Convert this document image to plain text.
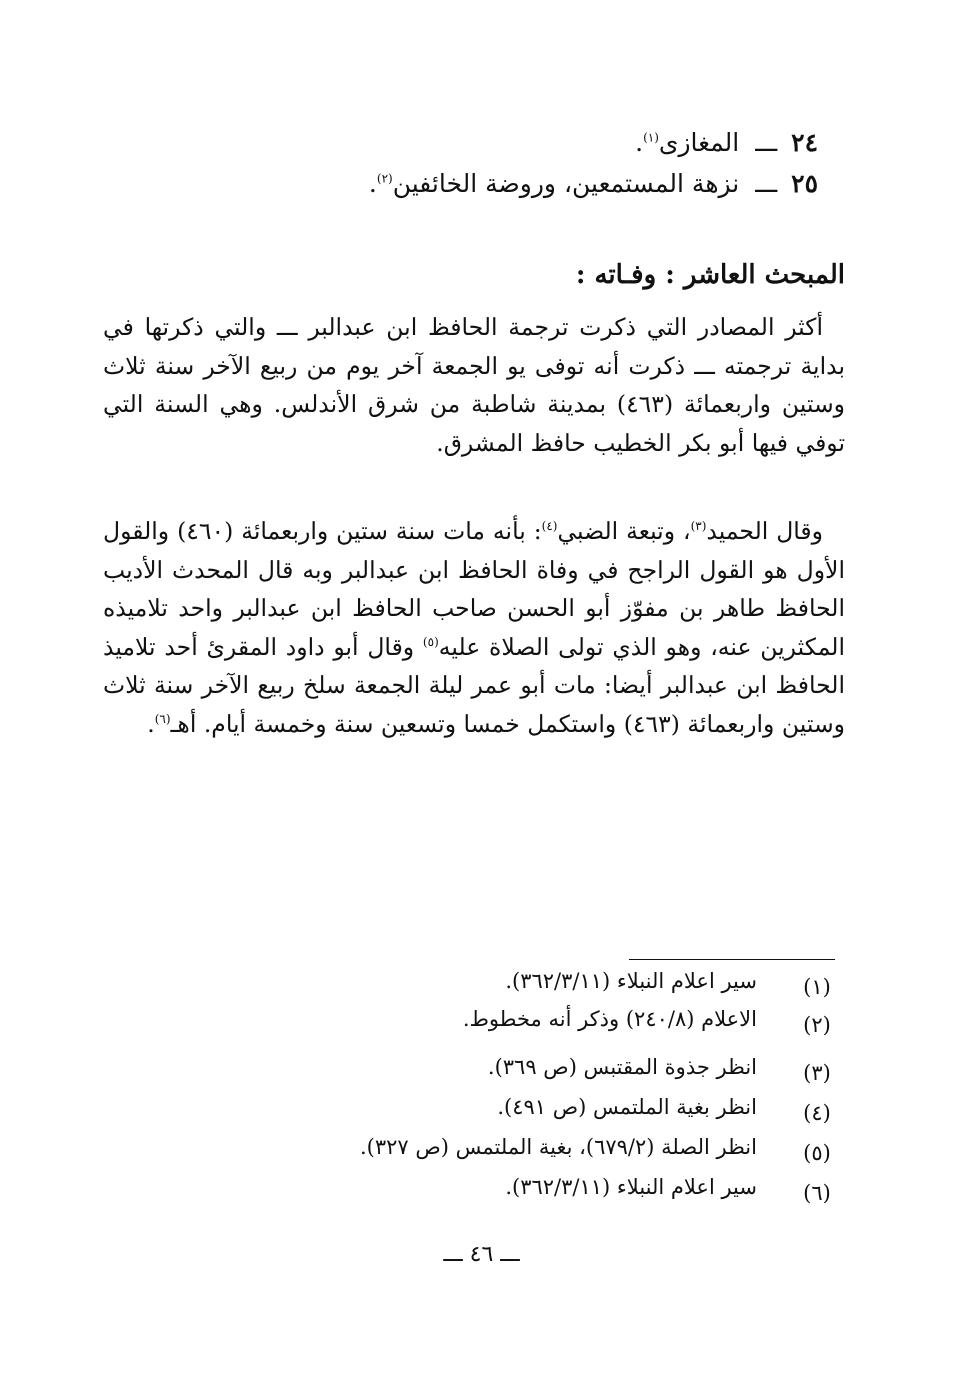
٢٤ ـــ المغازى$^{(١)}$.
٢٥ ـــ نزهة المستمعين، وروضة الخائفين$^{(٢)}$.
المبحث العاشر : وفـاته :
أكثر المصادر التي ذكرت ترجمة الحافظ ابن عبدالبر ـــ والتي ذكرتها في بداية ترجمته ـــ ذكرت أنه توفى يو الجمعة آخر يوم من ربيع الآخر سنة ثلاث وستين واربعمائة (٤٦٣) بمدينة شاطبة من شرق الأندلس. وهي السنة التي توفي فيها أبو بكر الخطيب حافظ المشرق.
وقال الحميد$^{(٣)}$، وتبعة الضبي$^{(٤)}$: بأنه مات سنة ستين واربعمائة (٤٦٠) والقول الأول هو القول الراجح في وفاة الحافظ ابن عبدالبر وبه قال المحدث الأديب الحافظ طاهر بن مفوّز أبو الحسن صاحب الحافظ ابن عبدالبر واحد تلاميذه المكثرين عنه، وهو الذي تولى الصلاة عليه$^{(٥)}$ وقال أبو داود المقرئ أحد تلاميذ الحافظ ابن عبدالبر أيضا: مات أبو عمر ليلة الجمعة سلخ ربيع الآخر سنة ثلاث وستين واربعمائة (٤٦٣) واستكمل خمسا وتسعين سنة وخمسة أيام. أهـ$^{(٦)}$.
(١)
سير اعلام النبلاء (٣٦٢/٣/١١).
(٢)
الاعلام (٢٤٠/٨) وذكر أنه مخطوط.
(٣)
انظر جذوة المقتبس (ص ٣٦٩).
(٤)
انظر بغية الملتمس (ص ٤٩١).
(٥)
انظر الصلة (٦٧٩/٢)، بغية الملتمس (ص ٣٢٧).
(٦)
سير اعلام النبلاء (٣٦٢/٣/١١).
ـــ ٤٦ ـــ
